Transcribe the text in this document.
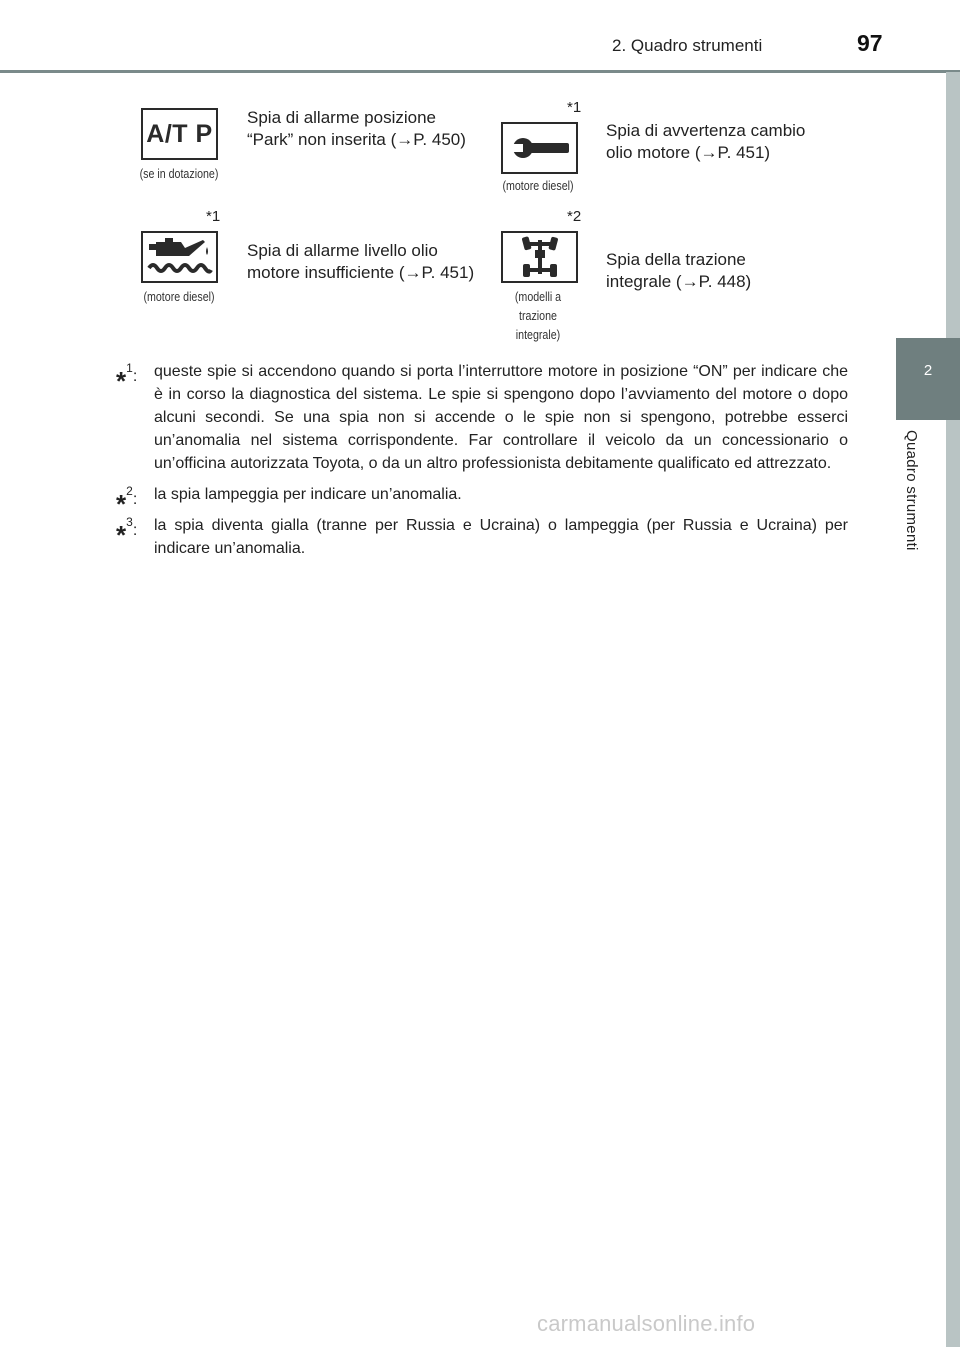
2. Quadro strumenti	97
2
Quadro strumenti
A/T P
(se in dotazione)
Spia di allarme posizione “Park” non inserita (→P. 450)
*1
(motore diesel)
Spia di avvertenza cambio olio motore (→P. 451)
*1
(motore diesel)
Spia di allarme livello olio motore insufficiente (→P. 451)
*2
(modelli a trazione integrale)
Spia della trazione integrale (→P. 448)
*$^1$: queste spie si accendono quando si porta l’interruttore motore in posizione “ON” per indicare che è in corso la diagnostica del sistema. Le spie si spengono dopo l’avviamento del motore o dopo alcuni secondi. Se una spia non si accende o le spie non si spengono, potrebbe esserci un’anomalia nel sistema corrispondente. Far controllare il veicolo da un concessionario o un’officina autorizzata Toyota, o da un altro professionista debitamente qualificato ed attrezzato.
*$^2$: la spia lampeggia per indicare un’anomalia.
*$^3$: la spia diventa gialla (tranne per Russia e Ucraina) o lampeggia (per Russia e Ucraina) per indicare un’anomalia.
carmanualsonline.info
